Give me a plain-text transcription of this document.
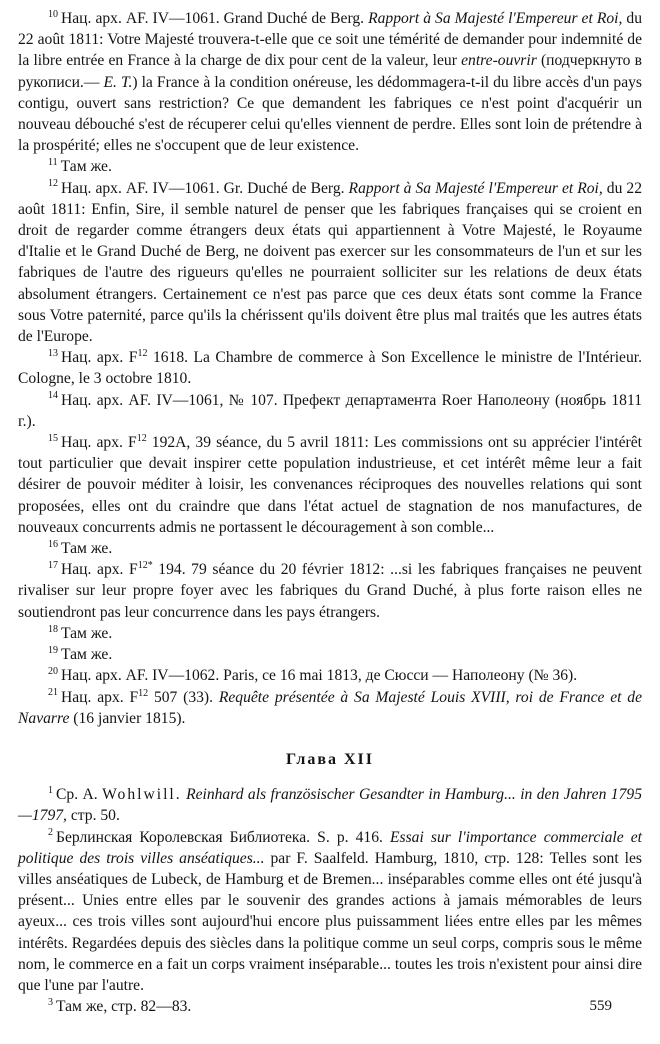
$^{10}$ Нац. арх. AF. IV—1061. Grand Duché de Berg. Rapport à Sa Majesté l'Empereur et Roi, du 22 août 1811: Votre Majesté trouvera-t-elle que ce soit une témérité de demander pour indemnité de la libre entrée en France à la charge de dix pour cent de la valeur, leur entre-ouvrir (подчеркнуто в рукописи.— E. T.) la France à la condition onéreuse, les dédommagera-t-il du libre accès d'un pays contigu, ouvert sans restriction? Ce que demandent les fabriques ce n'est point d'acquérir un nouveau débouché s'est de récuperer celui qu'elles viennent de perdre. Elles sont loin de prétendre à la prospérité; elles ne s'occupent que de leur existence.

$^{11}$ Там же.

$^{12}$ Нац. арх. AF. IV—1061. Gr. Duché de Berg. Rapport à Sa Majesté l'Empereur et Roi, du 22 août 1811: Enfin, Sire, il semble naturel de penser que les fabriques françaises qui se croient en droit de regarder comme étrangers deux états qui appartiennent à Votre Majesté, le Royaume d'Italie et le Grand Duché de Berg, ne doivent pas exercer sur les consommateurs de l'un et sur les fabriques de l'autre des rigueurs qu'elles ne pourraient solliciter sur les relations de deux états absolument étrangers. Certainement ce n'est pas parce que ces deux états sont comme la France sous Votre paternité, parce qu'ils la chérissent qu'ils doivent être plus mal traités que les autres états de l'Europe.

$^{13}$ Нац. арх. $F^{12}$ 1618. La Chambre de commerce à Son Excellence le ministre de l'Intérieur. Cologne, le 3 octobre 1810.

$^{14}$ Нац. арх. AF. IV—1061, № 107. Префект департамента Roer Наполеону (ноябрь 1811 г.).

$^{15}$ Нац. арх. $F^{12}$ 192A, 39 séance, du 5 avril 1811: Les commissions ont su apprécier l'intérêt tout particulier que devait inspirer cette population industrieuse, et cet intérêt même leur a fait désirer de pouvoir méditer à loisir, les convenances réciproques des nouvelles relations qui sont proposées, elles ont du craindre que dans l'état actuel de stagnation de nos manufactures, de nouveaux concurrents admis ne portassent le découragement à son comble...

$^{16}$ Там же.

$^{17}$ Нац. арх. $F^{12*}$ 194. 79 séance du 20 février 1812: ...si les fabriques françaises ne peuvent rivaliser sur leur propre foyer avec les fabriques du Grand Duché, à plus forte raison elles ne soutiendront pas leur concurrence dans les pays étrangers.

$^{18}$ Там же.

$^{19}$ Там же.

$^{20}$ Нац. арх. AF. IV—1062. Paris, ce 16 mai 1813, де Сюсси — Наполеону (№ 36).

$^{21}$ Нац. арх. $F^{12}$ 507 (33). Requête présentée à Sa Majesté Louis XVIII, roi de France et de Navarre (16 janvier 1815).

Глава XII

$^1$ Ср. A. Wohlwill. Reinhard als französischer Gesandter in Hamburg... in den Jahren 1795—1797, стр. 50.

$^2$ Берлинская Королевская Библиотека. S. p. 416. Essai sur l'importance commerciale et politique des trois villes anséatiques... par F. Saalfeld. Hamburg, 1810, стр. 128: Telles sont les villes anséatiques de Lubeck, de Hamburg et de Bremen... inséparables comme elles ont été jusqu'à présent... Unies entre elles par le souvenir des grandes actions à jamais mémorables de leurs ayeux... ces trois villes sont aujourd'hui encore plus puissamment liées entre elles par les mêmes intérêts. Regardées depuis des siècles dans la politique comme un seul corps, compris sous le même nom, le commerce en a fait un corps vraiment inséparable... toutes les trois n'existent pour ainsi dire que l'une par l'autre.

$^3$ Там же, стр. 82—83.	559
